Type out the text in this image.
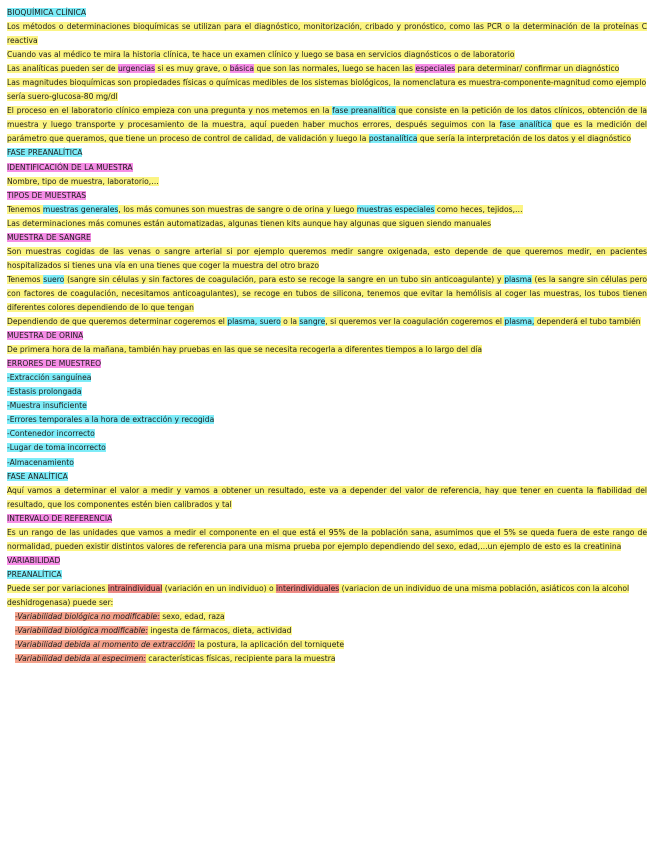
BIOQUÍMICA CLÍNICA
Los métodos o determinaciones bioquímicas se utilizan para el diagnóstico, monitorización, cribado y pronóstico, como las PCR o la determinación de la proteínas C reactiva
Cuando vas al médico te mira la historia clínica, te hace un examen clínico y luego se basa en servicios diagnósticos o de laboratorio
Las analíticas pueden ser de urgencias si es muy grave, o básica que son las normales, luego se hacen las especiales para determinar/ confirmar un diagnóstico
Las magnitudes bioquímicas son propiedades físicas o químicas medibles de los sistemas biológicos, la nomenclatura es muestra-componente-magnitud como ejemplo sería suero-glucosa-80 mg/dl
El proceso en el laboratorio clínico empieza con una pregunta y nos metemos en la fase preanalítica que consiste en la petición de los datos clínicos, obtención de la muestra y luego transporte y procesamiento de la muestra, aquí pueden haber muchos errores, después seguimos con la fase analítica que es la medición del parámetro que queramos, que tiene un proceso de control de calidad, de validación y luego la postanalítica que sería la interpretación de los datos y el diagnóstico
FASE PREANALÍTICA
IDENTIFICACIÓN DE LA MUESTRA
Nombre, tipo de muestra, laboratorio,…
TIPOS DE MUESTRAS
Tenemos muestras generales, los más comunes son muestras de sangre o de orina y luego muestras especiales como heces, tejidos,…
Las determinaciones más comunes están automatizadas, algunas tienen kits aunque hay algunas que siguen siendo manuales
MUESTRA DE SANGRE
Son muestras cogidas de las venas o sangre arterial si por ejemplo queremos medir sangre oxigenada, esto depende de que queremos medir, en pacientes hospitalizados si tienes una vía en una tienes que coger la muestra del otro brazo
Tenemos suero (sangre sin células y sin factores de coagulación, para esto se recoge la sangre en un tubo sin anticoagulante) y plasma (es la sangre sin células pero con factores de coagulación, necesitamos anticoagulantes), se recoge en tubos de silicona, tenemos que evitar la hemólisis al coger las muestras, los tubos tienen diferentes colores dependiendo de lo que tengan
Dependiendo de que queremos determinar cogeremos el plasma, suero o la sangre, si queremos ver la coagulación cogeremos el plasma, dependerá el tubo también
MUESTRA DE ORINA
De primera hora de la mañana, también hay pruebas en las que se necesita recogerla a diferentes tiempos a lo largo del día
ERRORES DE MUESTREO
-Extracción sanguínea
-Estasis prolongada
-Muestra insuficiente
-Errores temporales a la hora de extracción y recogida
-Contenedor incorrecto
-Lugar de toma incorrecto
-Almacenamiento
FASE ANALÍTICA
Aquí vamos a determinar el valor a medir y vamos a obtener un resultado, este va a depender del valor de referencia, hay que tener en cuenta la fiabilidad del resultado, que los componentes estén bien calibrados y tal
INTERVALO DE REFERENCIA
Es un rango de las unidades que vamos a medir el componente en el que está el 95% de la población sana, asumimos que el 5% se queda fuera de este rango de normalidad, pueden existir distintos valores de referencia para una misma prueba por ejemplo dependiendo del sexo, edad,…un ejemplo de esto es la creatinina
VARIABILIDAD
PREANALÍTICA
Puede ser por variaciones intraindividual (variación en un individuo) o interindividuales (variacion de un individuo de una misma población, asiáticos con la alcohol deshidrogenasa) puede ser:
-Variabilidad biológica no modificable: sexo, edad, raza
-Variabilidad biológica modificable: ingesta de fármacos, dieta, actividad
-Variabilidad debida al momento de extracción: la postura, la aplicación del torniquete
-Variabilidad debida al especimen: características físicas, recipiente para la muestra
